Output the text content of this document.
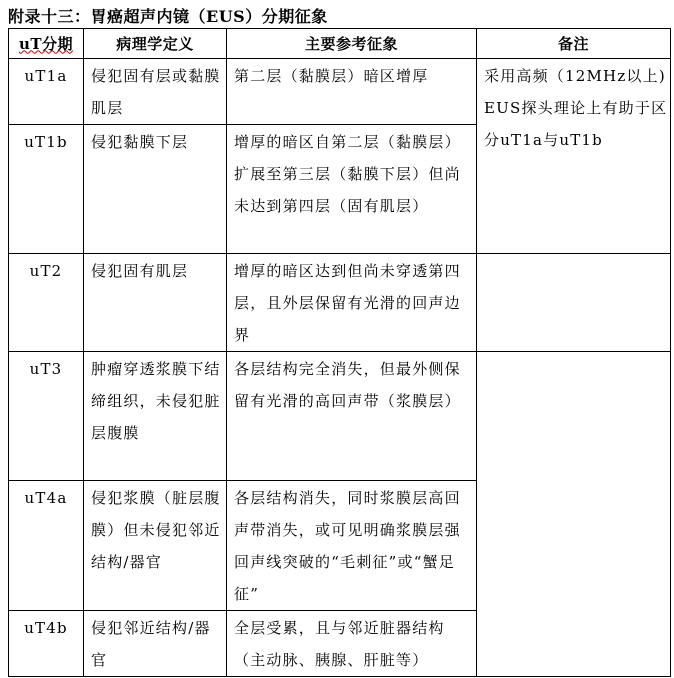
附录十三：胃癌超声内镜（EUS）分期征象
uT分期	病理学定义	主要参考征象	备注
uT1a	侵犯固有层或黏膜肌层	第二层（黏膜层）暗区增厚	采用高频（12MHz以上)EUS探头理论上有助于区分uT1a与uT1b
uT1b	侵犯黏膜下层	增厚的暗区自第二层（黏膜层）扩展至第三层（黏膜下层）但尚未达到第四层（固有肌层）	
uT2	侵犯固有肌层	增厚的暗区达到但尚未穿透第四层，且外层保留有光滑的回声边界	
uT3	肿瘤穿透浆膜下结缔组织，未侵犯脏层腹膜	各层结构完全消失，但最外侧保留有光滑的高回声带（浆膜层）	
uT4a	侵犯浆膜（脏层腹膜）但未侵犯邻近结构/器官	各层结构消失，同时浆膜层高回声带消失，或可见明确浆膜层强回声线突破的“毛刺征”或“蟹足征”	
uT4b	侵犯邻近结构/器官	全层受累，且与邻近脏器结构（主动脉、胰腺、肝脏等）	
